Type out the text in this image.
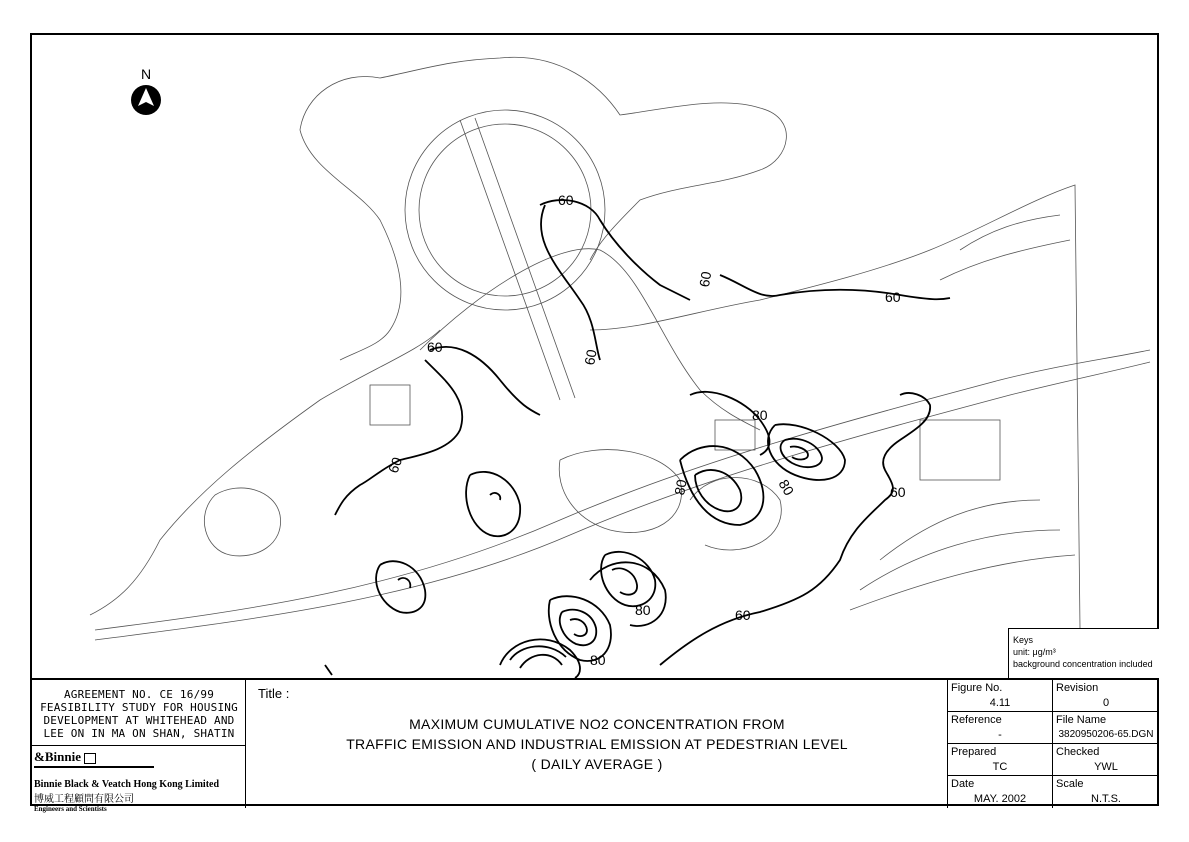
60
60
60
60
60
60
60
60
80
80	80
80
80
N
Keys
unit: μg/m³
background concentration included
AGREEMENT NO. CE 16/99
FEASIBILITY STUDY FOR HOUSING
DEVELOPMENT AT WHITEHEAD AND
LEE ON IN MA ON SHAN, SHATIN
&Binnie
Binnie Black & Veatch Hong Kong Limited
博威工程顧問有限公司
Engineers and Scientists
Title :
MAXIMUM CUMULATIVE NO2 CONCENTRATION FROM
TRAFFIC EMISSION AND INDUSTRIAL EMISSION AT PEDESTRIAN LEVEL
( DAILY AVERAGE )
Figure No.
4.11
Revision
0
Reference
-
File Name
3820950206-65.DGN
Prepared
TC
Checked
YWL
Date
MAY. 2002
Scale
N.T.S.
